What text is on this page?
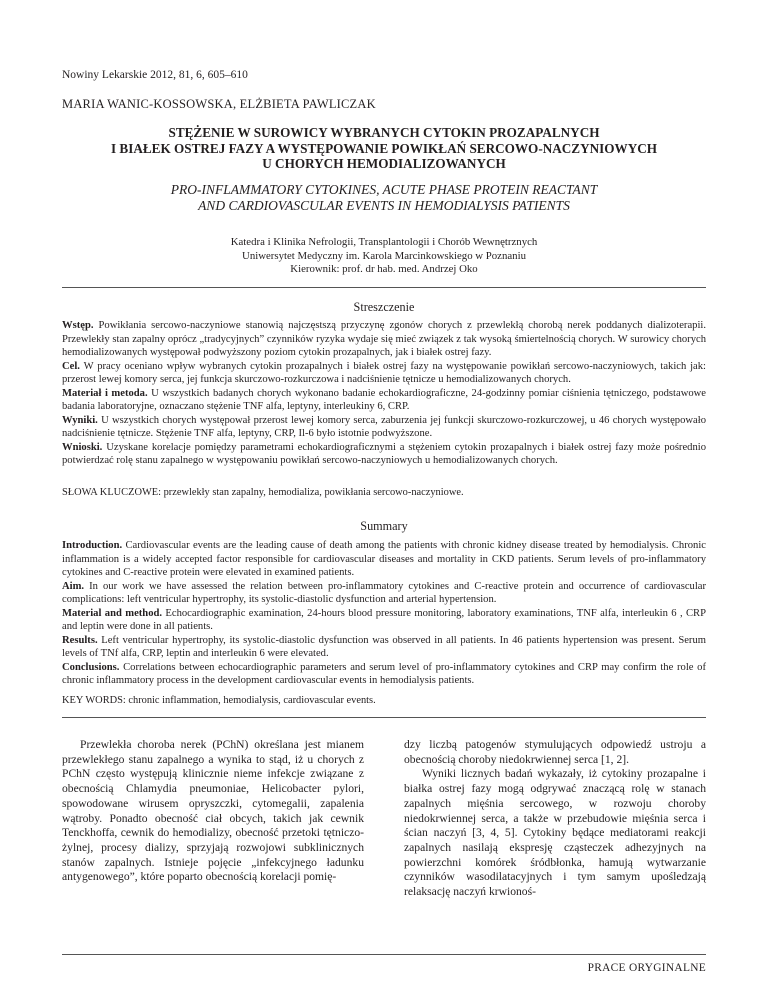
Nowiny Lekarskie 2012, 81, 6, 605–610
MARIA WANIC-KOSSOWSKA, ELŻBIETA PAWLICZAK
STĘŻENIE W SUROWICY WYBRANYCH CYTOKIN PROZAPALNYCH
I BIAŁEK OSTREJ FAZY A WYSTĘPOWANIE POWIKŁAŃ SERCOWO-NACZYNIOWYCH
U CHORYCH HEMODIALIZOWANYCH
PRO-INFLAMMATORY CYTOKINES, ACUTE PHASE PROTEIN REACTANT
AND CARDIOVASCULAR EVENTS IN HEMODIALYSIS PATIENTS
Katedra i Klinika Nefrologii, Transplantologii i Chorób Wewnętrznych
Uniwersytet Medyczny im. Karola Marcinkowskiego w Poznaniu
Kierownik: prof. dr hab. med. Andrzej Oko
Streszczenie

Wstęp. Powikłania sercowo-naczyniowe stanowią najczęstszą przyczynę zgonów chorych z przewlekłą chorobą nerek poddanych dializoterapii. Przewlekły stan zapalny oprócz „tradycyjnych” czynników ryzyka wydaje się mieć związek z tak wysoką śmiertelnością chorych. W surowicy chorych hemodializowanych występował podwyższony poziom cytokin prozapalnych, jak i białek ostrej fazy.

Cel. W pracy oceniano wpływ wybranych cytokin prozapalnych i białek ostrej fazy na występowanie powikłań sercowo-naczyniowych, takich jak: przerost lewej komory serca, jej funkcja skurczowo-rozkurczowa i nadciśnienie tętnicze u hemodializowanych chorych.

Materiał i metoda. U wszystkich badanych chorych wykonano badanie echokardiograficzne, 24-godzinny pomiar ciśnienia tętniczego, podstawowe badania laboratoryjne, oznaczano stężenie TNF alfa, leptyny, interleukiny 6, CRP.

Wyniki. U wszystkich chorych występował przerost lewej komory serca, zaburzenia jej funkcji skurczowo-rozkurczowej, u 46 chorych występowało nadciśnienie tętnicze. Stężenie TNF alfa, leptyny, CRP, Il-6 było istotnie podwyższone.

Wnioski. Uzyskane korelacje pomiędzy parametrami echokardiograficznymi a stężeniem cytokin prozapalnych i białek ostrej fazy może pośrednio potwierdzać rolę stanu zapalnego w występowaniu powikłań sercowo-naczyniowych u hemodializowanych chorych.

SŁOWA KLUCZOWE: przewlekły stan zapalny, hemodializa, powikłania sercowo-naczyniowe.
Summary

Introduction. Cardiovascular events are the leading cause of death among the patients with chronic kidney disease treated by hemodialysis. Chronic inflammation is a widely accepted factor responsible for cardiovascular diseases and mortality in CKD patients. Serum levels of pro-inflammatory cytokines and C-reactive protein were elevated in examined patients.

Aim. In our work we have assessed the relation between pro-inflammatory cytokines and C-reactive protein and occurrence of cardiovascular complications: left ventricular hypertrophy, its systolic-diastolic dysfunction and arterial hypertension.

Material and method. Echocardiographic examination, 24-hours blood pressure monitoring, laboratory examinations, TNF alfa, interleukin 6 , CRP and leptin were done in all patients.

Results. Left ventricular hypertrophy, its systolic-diastolic dysfunction was observed in all patients. In 46 patients hypertension was present. Serum levels of TNf alfa, CRP, leptin and interleukin 6 were elevated.

Conclusions. Correlations between echocardiographic parameters and serum level of pro-inflammatory cytokines and CRP may confirm the role of chronic inflammatory process in the development cardiovascular events in hemodialysis patients.

KEY WORDS: chronic inflammation, hemodialysis, cardiovascular events.

Przewlekła choroba nerek (PChN) określana jest mianem przewlekłego stanu zapalnego a wynika to stąd, iż u chorych z PChN często występują klinicznie nieme infekcje związane z obecnością Chlamydia pneumoniae, Helicobacter pylori, spowodowane wirusem opryszczki, cytomegalii, zapalenia wątroby. Ponadto obecność ciał obcych, takich jak cewnik Tenckhoffa, cewnik do hemodializy, obecność przetoki tętniczo-żylnej, procesy dializy, sprzyjają rozwojowi subklinicznych stanów zapalnych. Istnieje pojęcie „infekcyjnego ładunku antygenowego”, które poparto obecnością korelacji pomię-

dzy liczbą patogenów stymulujących odpowiedź ustroju a obecnością choroby niedokrwiennej serca [1, 2].

Wyniki licznych badań wykazały, iż cytokiny prozapalne i białka ostrej fazy mogą odgrywać znaczącą rolę w stanach zapalnych mięśnia sercowego, w rozwoju choroby niedokrwiennej serca, a także w przebudowie mięśnia serca i ścian naczyń [3, 4, 5]. Cytokiny będące mediatorami reakcji zapalnych nasilają ekspresję cząsteczek adhezyjnych na powierzchni komórek śródbłonka, hamują wytwarzanie czynników wasodilatacyjnych i tym samym upośledzają relaksację naczyń krwionoś-

PRACE ORYGINALNE
